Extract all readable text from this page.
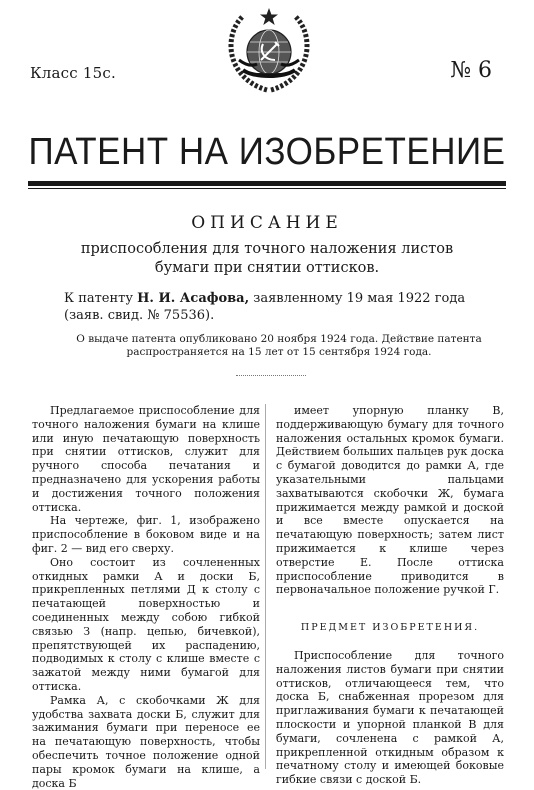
Класс 15с.	№ 6
ПАТЕНТ НА ИЗОБРЕТЕНИЕ
ОПИСАНИЕ
приспособления для точного наложения листов бумаги при снятии оттисков.
К патенту Н. И. Асафова, заявленному 19 мая 1922 года (заяв. свид. № 75536).
О выдаче патента опубликовано 20 ноября 1924 года. Действие патента распространяется на 15 лет от 15 сентября 1924 года.

Предлагаемое приспособление для точного наложения бумаги на клише или иную печатающую поверхность при снятии оттисков, служит для ручного способа печатания и предназначено для ускорения работы и достижения точного положения оттиска.

На чертеже, фиг. 1, изображено приспособление в боковом виде и на фиг. 2 — вид его сверху.

Оно состоит из сочлененных откидных рамки А и доски Б, прикрепленных петлями Д к столу с печатающей поверхностью и соединенных между собою гибкой связью З (напр. цепью, бичевкой), препятствующей их распадению, подводимых к столу с клише вместе с зажатой между ними бумагой для оттиска.

Рамка А, с скобочками Ж для удобства захвата доски Б, служит для зажимания бумаги при переносе ее на печатающую поверхность, чтобы обеспечить точное положение одной пары кромок бумаги на клише, а доска Б

имеет упорную планку В, поддерживающую бумагу для точного наложения остальных кромок бумаги. Действием больших пальцев рук доска с бумагой доводится до рамки А, где указательными пальцами захватываются скобочки Ж, бумага прижимается между рамкой и доской и все вместе опускается на печатающую поверхность; затем лист прижимается к клише через отверстие Е. После оттиска приспособление приводится в первоначальное положение ручкой Г.

ПРЕДМЕТ ИЗОБРЕТЕНИЯ.

Приспособление для точного наложения листов бумаги при снятии оттисков, отличающееся тем, что доска Б, снабженная прорезом для приглаживания бумаги к печатающей плоскости и упорной планкой В для бумаги, сочленена с рамкой А, прикрепленной откидным образом к печатному столу и имеющей боковые гибкие связи с доской Б.
